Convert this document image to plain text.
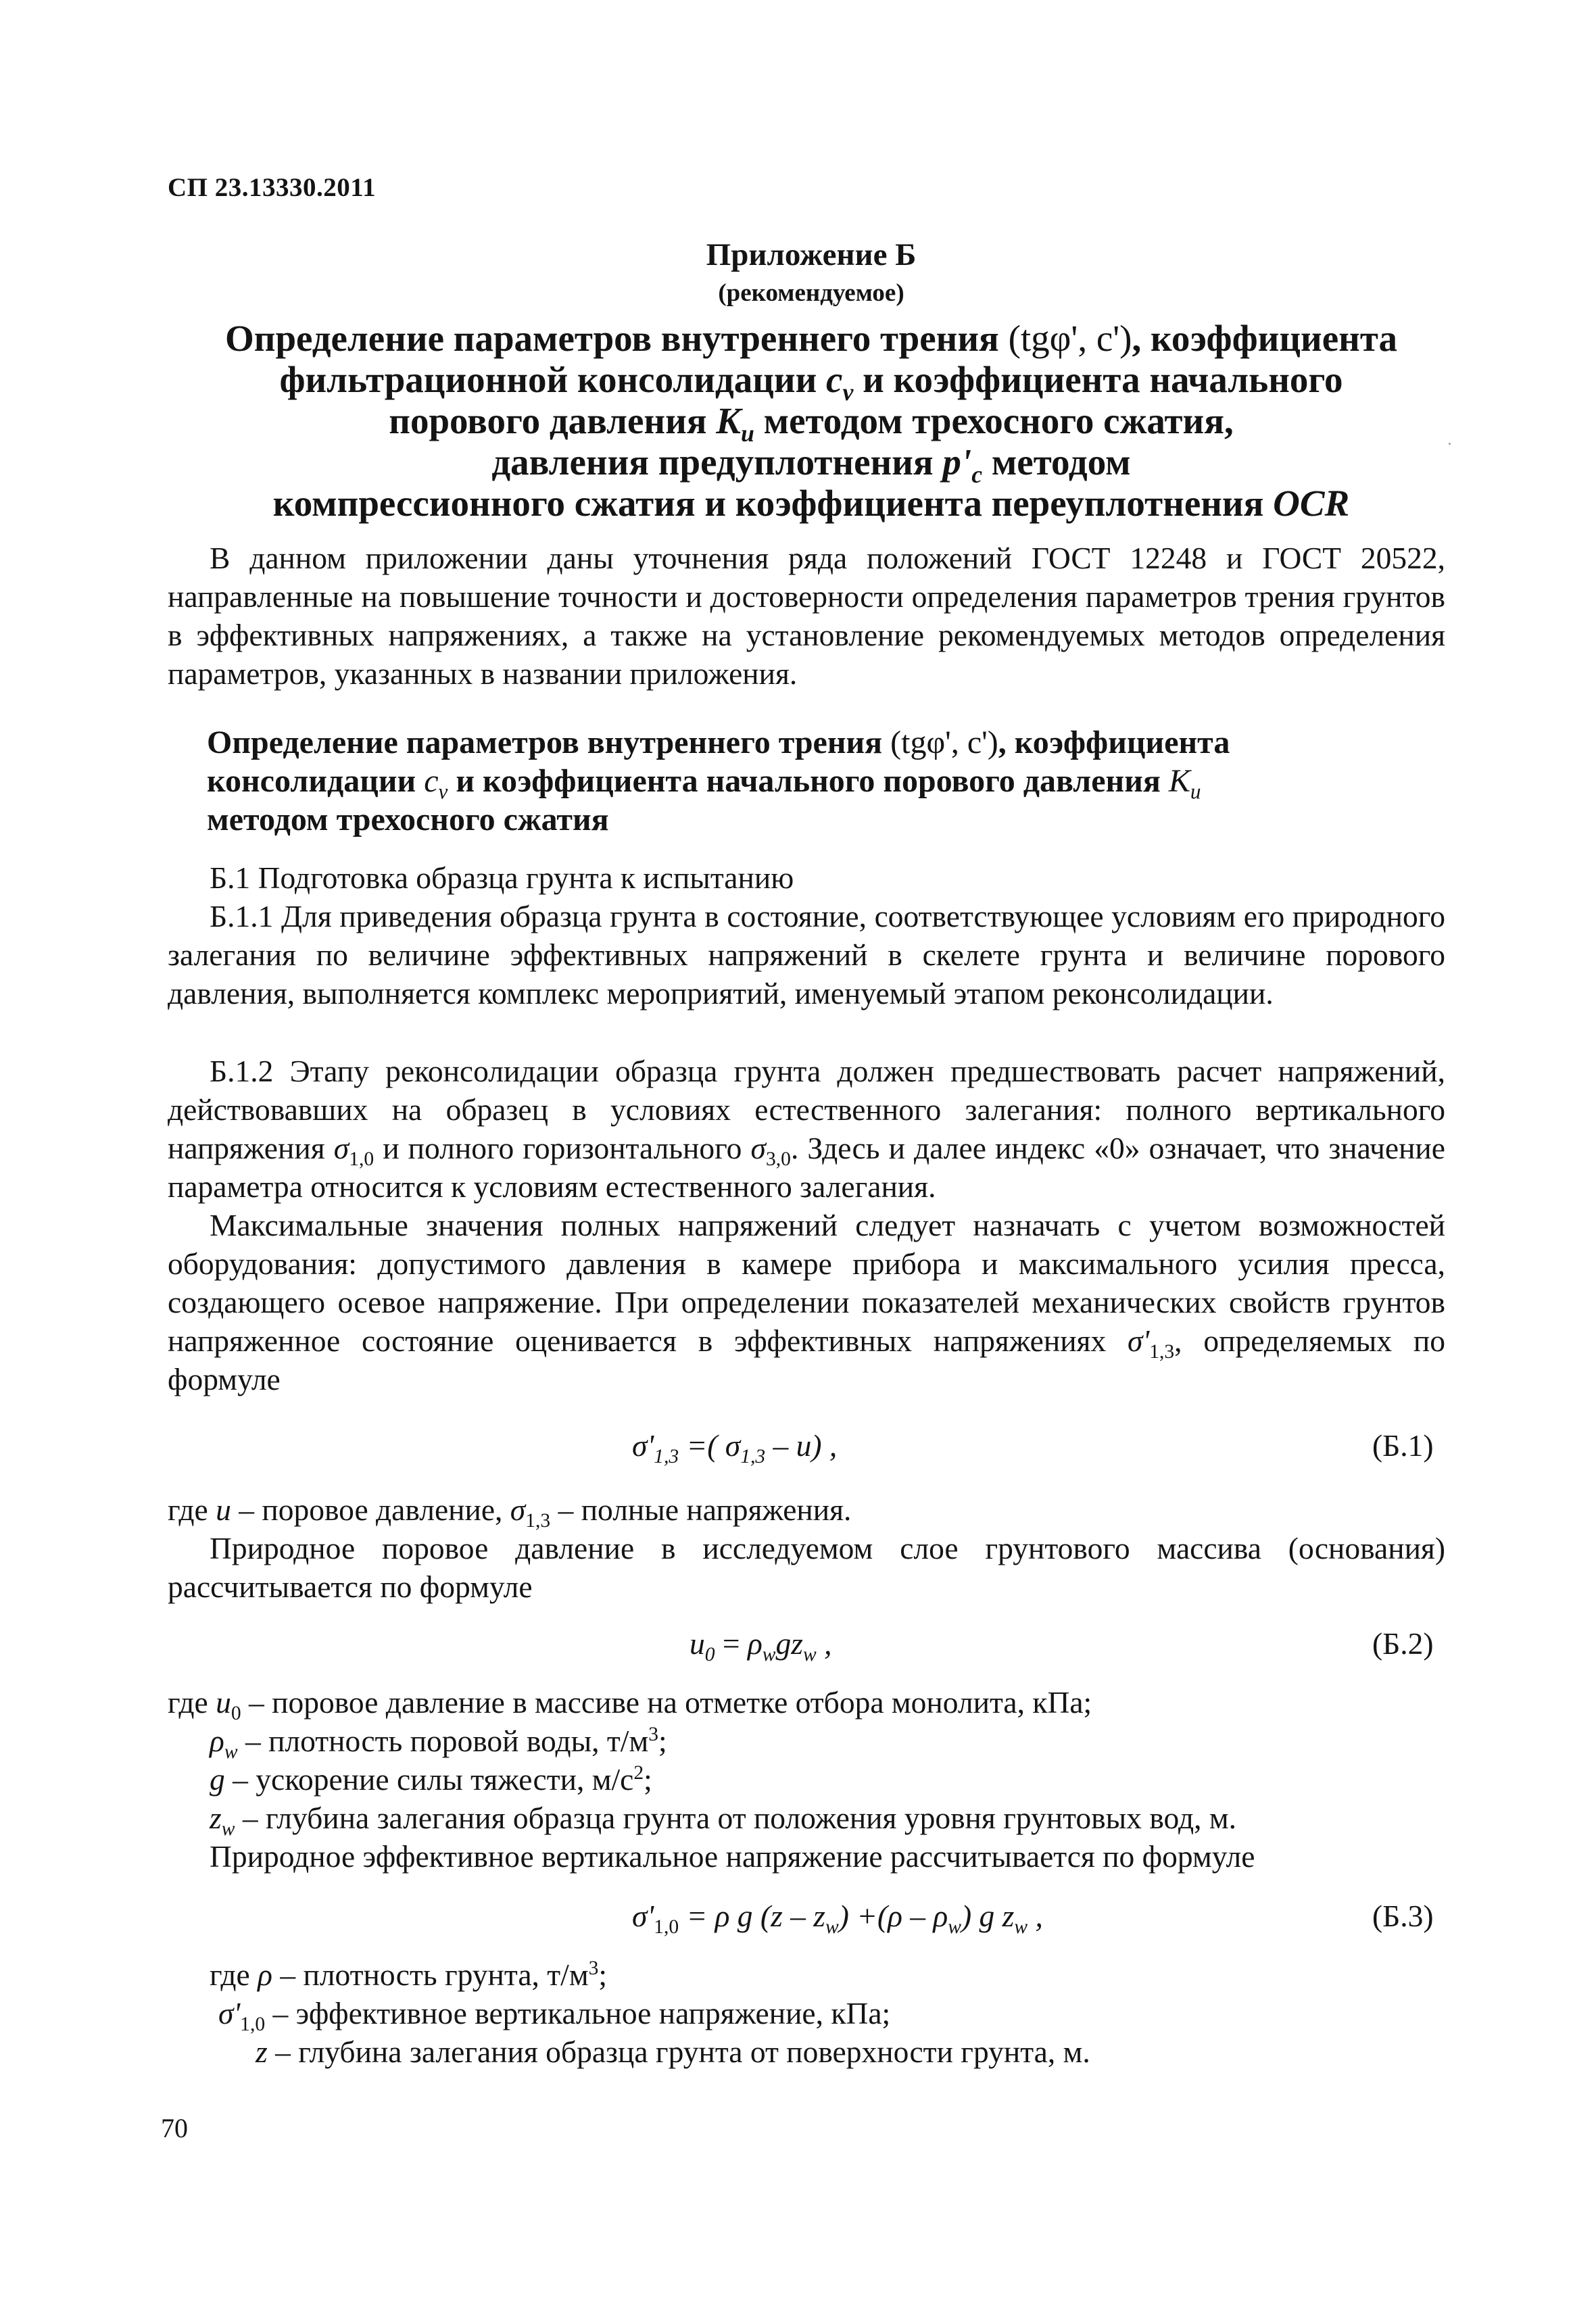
СП 23.13330.2011
Приложение Б
(рекомендуемое)
Определение параметров внутреннего трения (tgφ', c'), коэффициента
фильтрационной консолидации $c_v$ и коэффициента начального
порового давления $K_u$ методом трехосного сжатия,
давления предуплотнения $p'_c$ методом
компрессионного сжатия и коэффициента переуплотнения OCR
В данном приложении даны уточнения ряда положений ГОСТ 12248 и ГОСТ 20522, направленные на повышение точности и достоверности определения параметров трения грунтов в эффективных напряжениях, а также на установление рекомендуемых методов определения параметров, указанных в названии приложения.
Определение параметров внутреннего трения (tgφ', c'), коэффициента
консолидации $c_v$ и коэффициента начального порового давления $K_u$
методом трехосного сжатия
Б.1 Подготовка образца грунта к испытанию
Б.1.1 Для приведения образца грунта в состояние, соответствующее условиям его природного залегания по величине эффективных напряжений в скелете грунта и величине порового давления, выполняется комплекс мероприятий, именуемый этапом реконсолидации.
Б.1.2 Этапу реконсолидации образца грунта должен предшествовать расчет напряжений, действовавших на образец в условиях естественного залегания: полного вертикального напряжения $\sigma_{1,0}$ и полного горизонтального $\sigma_{3,0}$. Здесь и далее индекс «0» означает, что значение параметра относится к условиям естественного залегания.
Максимальные значения полных напряжений следует назначать с учетом возможностей оборудования: допустимого давления в камере прибора и максимального усилия пресса, создающего осевое напряжение. При определении показателей механических свойств грунтов напряженное состояние оценивается в эффективных напряжениях $\sigma'_{1,3}$, определяемых по формуле
$\sigma'_{1,3}$ =( $\sigma_{1,3} - u$) ,	(Б.1)
где u – поровое давление, $\sigma_{1,3}$ – полные напряжения.
Природное поровое давление в исследуемом слое грунтового массива (основания) рассчитывается по формуле
$u_0 = \rho_wgz_w$ ,	(Б.2)
где $u_0$ – поровое давление в массиве на отметке отбора монолита, кПа;
$\rho_w$ – плотность поровой воды, $т/м^3$;
g – ускорение силы тяжести, $м/с^2$;
$z_w$ – глубина залегания образца грунта от положения уровня грунтовых вод, м.
Природное эффективное вертикальное напряжение рассчитывается по формуле
$\sigma'_{1,0} = \rho$ g $(z - z_w) +(\rho - \rho_w)$ g $z_w$ ,	(Б.3)
где ρ – плотность грунта, $т/м^3$;
$\sigma'_{1,0}$ – эффективное вертикальное напряжение, кПа;
z – глубина залегания образца грунта от поверхности грунта, м.
70
